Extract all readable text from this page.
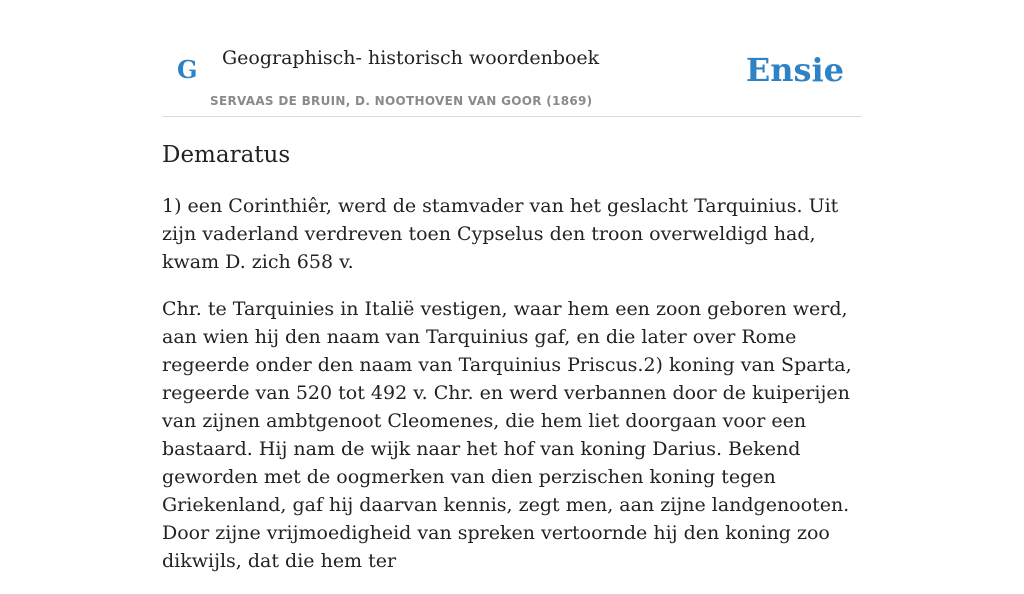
G Geographisch- historisch woordenboek
SERVAAS DE BRUIN, D. NOOTHOVEN VAN GOOR (1869)
Ensie
Demaratus

1) een Corinthiêr, werd de stamvader van het geslacht Tarquinius. Uit zijn vaderland verdreven toen Cypselus den troon overweldigd had, kwam D. zich 658 v.

Chr. te Tarquinies in Italië vestigen, waar hem een zoon geboren werd, aan wien hij den naam van Tarquinius gaf, en die later over Rome regeerde onder den naam van Tarquinius Priscus.2) koning van Sparta, regeerde van 520 tot 492 v. Chr. en werd verbannen door de kuiperijen van zijnen ambtgenoot Cleomenes, die hem liet doorgaan voor een bastaard. Hij nam de wijk naar het hof van koning Darius. Bekend geworden met de oogmerken van dien perzischen koning tegen Griekenland, gaf hij daarvan kennis, zegt men, aan zijne landgenooten. Door zijne vrijmoedigheid van spreken vertoornde hij den koning zoo dikwijls, dat die hem ter
